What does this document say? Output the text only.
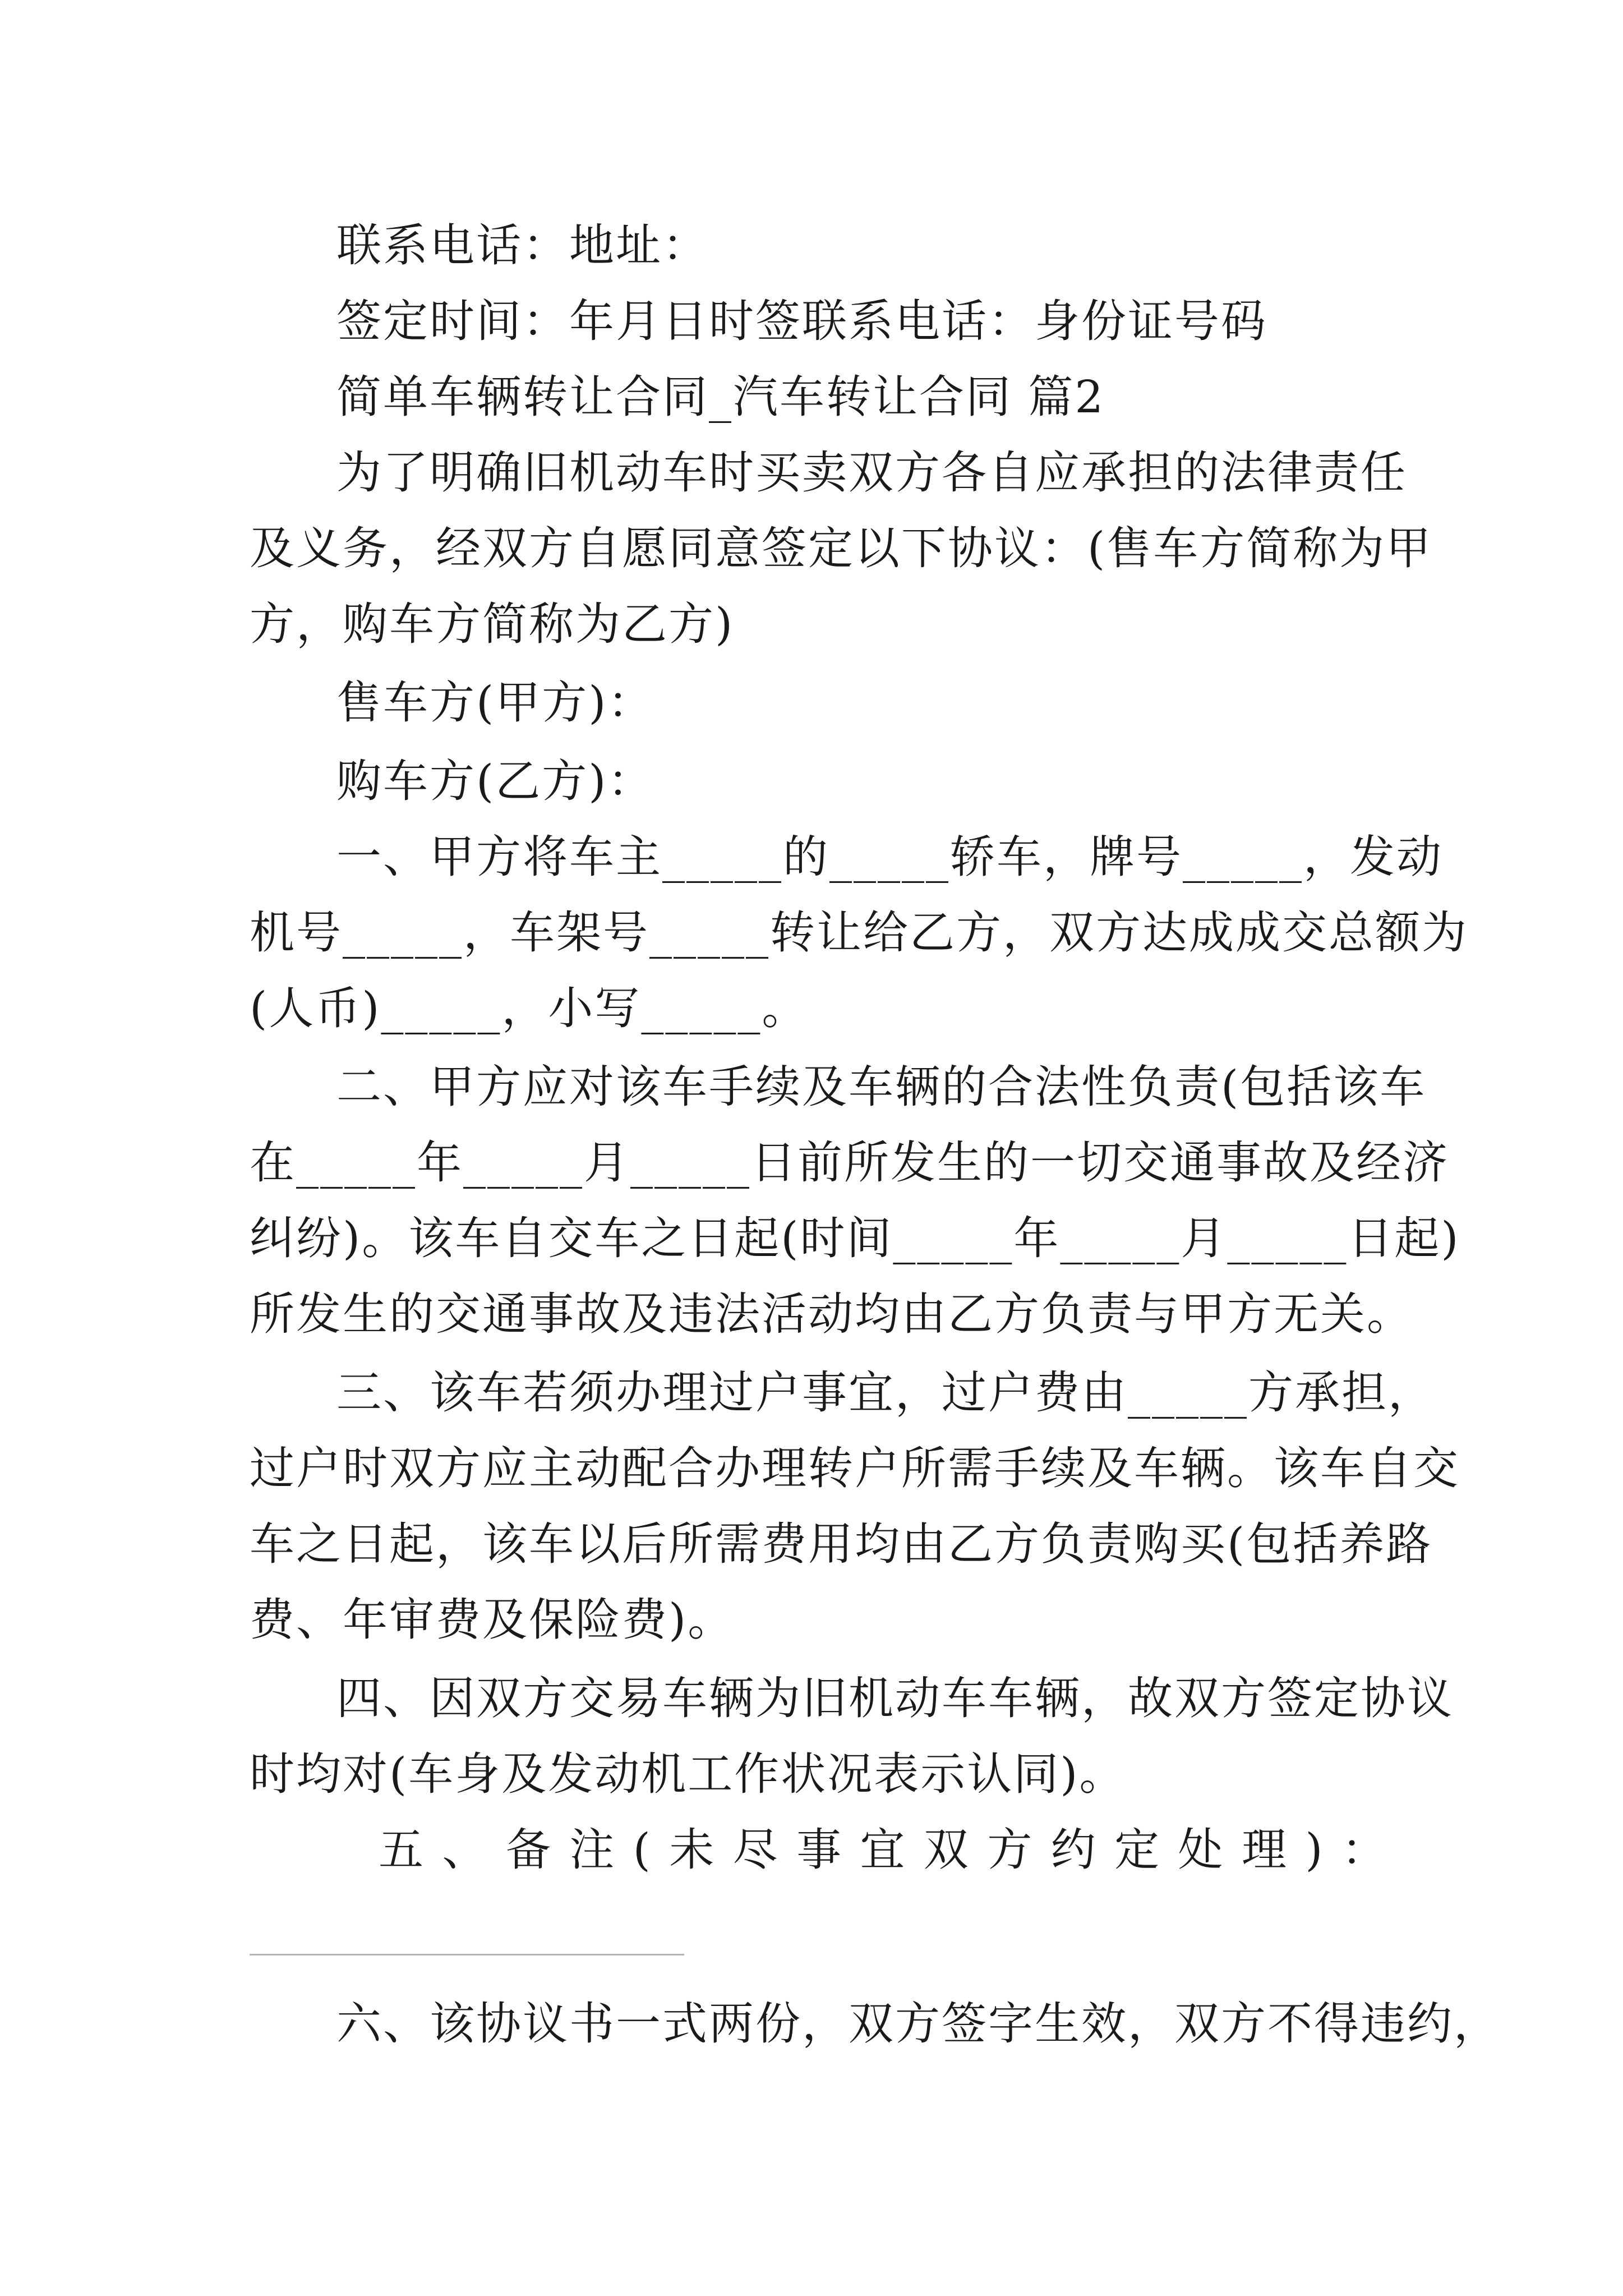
联系电话：地址：
签定时间：年月日时签联系电话：身份证号码
简单车辆转让合同_汽车转让合同 篇2
为了明确旧机动车时买卖双方各自应承担的法律责任
及义务，经双方自愿同意签定以下协议：(售车方简称为甲
方，购车方简称为乙方)
售车方(甲方)：
购车方(乙方)：
一、甲方将车主_____的_____轿车，牌号_____，发动
机号_____，车架号_____转让给乙方，双方达成成交总额为
(人币)_____，小写_____。
二、甲方应对该车手续及车辆的合法性负责(包括该车
在_____年_____月_____日前所发生的一切交通事故及经济
纠纷)。该车自交车之日起(时间_____年_____月_____日起)
所发生的交通事故及违法活动均由乙方负责与甲方无关。
三、该车若须办理过户事宜，过户费由_____方承担，
过户时双方应主动配合办理转户所需手续及车辆。该车自交
车之日起，该车以后所需费用均由乙方负责购买(包括养路
费、年审费及保险费)。
四、因双方交易车辆为旧机动车车辆，故双方签定协议
时均对(车身及发动机工作状况表示认同)。
五、备注(未尽事宜双方约定处理)：
六、该协议书一式两份，双方签字生效，双方不得违约，
